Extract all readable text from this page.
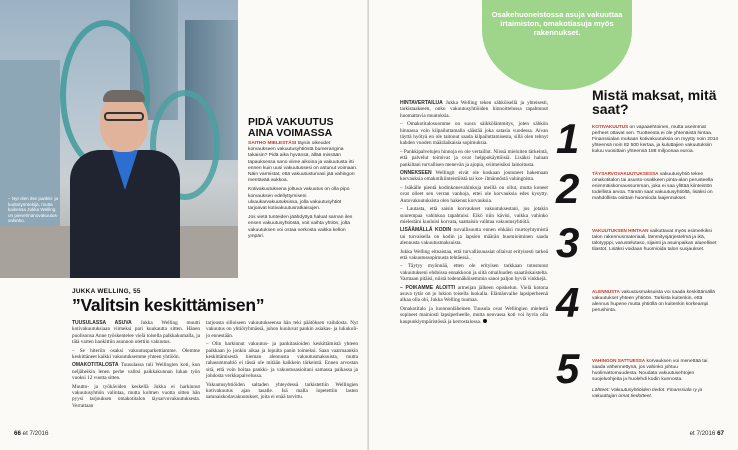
– Nyt olen itse pankki- ja luottotyöntekijä, mutta kaikessa Jukka Welling on pienetmanovakuutus- vahinko.
PIDÄ VAKUUTUS AINA VOIMASSA

SAITHO MIELESTÄSI täysin oikeudet korvaukseen vakuutusyhtiöstä bumerangina takaisin? Pidä aika hyvänsä, ällää missään tapauksessa sano viime aikoina ja vakuutusta irti ennen kuin uusi vakuutussesi on astunut voimaan. Näin varmistat, että vakuutusturvasi jää vahingon mentävää aukkoa.

Kotivakuutuksena joltuva vakuutus on olla pipo korvauksen edellyttymiseni ulvaukarvakuutuksissa, jolla vakuutusyhtiöt tarjoavat kotivakuutusratkaisujen.

Jos vietä tunteiden jäähdyttyä haluat sarnan ilen ensen vakuutusyhtiöstä, voit vaihta yhtiön, jolta vakuutuksen voi ostaa verkosta vaikka kellon ympäri.

JUKKA WELLING, 55
”Valitsin keskittämisen”

TUUSULASSA ASUVA Jukka Welling muutti kotivakuutuksiaan viimeksi pari kuukautta sitten. Hänen puolisonsa Anne työskentelee vielä toisella palkkakumalla, ja tätä varten hankittiin asunnon otettiin vakuutus.

– Se hiteriin osaksi vakuutusparkettiamme. Olemme keskittäneet kaikki vakuutuksemme yhteen yhtiöön.

OMAKOTITALOSTA Tuusulassa tuli Wellingien koti, kun neljäheikin lenen perhe valitsi paikkakunnan lukan työn vuoksi 12 vuotta sitten.

Muutto- ja työkäviden keskellä Jukka ei harkinnut vakuutusyhtiön valintaa, mutta kolmen vuotta sitten hän pyysi tarjouksen omakotitalon täysarvovakuutuksesta. Verrattaan

tarjousta silloiseen vakuutukseensa hän teki päätöksen vaihdosta. Nyt vakuutus on yhtiöryhmässä, johon kuuluvat pankin asiakas- ja lukukoli-jo ennestään.

– Olin harkinnut vakuutus- ja pankitasioiden keskittämistä yhteen paikkaan jo jonkin aikaa ja lopulta panin toimeksi. Saan vaarmaankin keskittämisestä hieman alennusta vakuutusmaksuista, mutta rahasummaltiö ei tässä ole mitään kaikkein tärkeintä. Ennen arvostan sitä, että voin hoitaa pankki- ja vakuutusasioitani samassa paikassa ja johdosta verkkopalvelussa.

Vakuutusyhtiöiden saltaden yhteydessä tarkistettiin Wellingien kotivakuutus ajan tasalle. Isä malla lopetettiin lasten satunaiskodavakuutukset, joita ei enää tarvittu.

66 et 7/2016	et 7/2016 67

HINTAVERTAILUA Jukka Welling teken sähköisellä ja yhteisesti, tarkistaakseen, onko vakuutusyhtiöiden hinnoittelussa tapahtunut huomattavia muutoksia.

– Omakotitalosuomme on suora säikkölämmitys, joten sähkön hinnassa voin kilpailuttamalla säästää joka satasia vuodessa. Aivan täyttä hyötyä en ole taitonut saada kilpailuttamisesta, sillä olen tehnyt kahden vuoden määräaikaisia sopimuksia.

– Pankkipalvelujen hinnoja en ole vertaillut. Niissä mieluiten tärkeintä, että palvelut toimivat ja ovat helppokäyttöisiä. Lisäksi haluan pankiltani turvallisen menevän ja ajopia, sviimeisiksi lainoitusta.

ONNEKSEEN Wellingit eivät ole koskaan joutuneet hakemaan korvauksia omakotikiinteistöistä tai kot- ilmännöstä vahingoista.

– Isäkälle pientä kodinkonevahinkoja meillä on ollut, mutta koneet ovat olleet sen verran vanhoja, ettei ole korvauksia edes kysytty. Autovakuutuksista olen hakenut korvauksia.

– Lautasta, että saisin korvaukset vakuutuksestani, jos jotakin suurempaa vahinkoa tapahtuisi. Eikö niin kävisi, vaikka vahinko mielestäni kuuluisi korvata, saattaisin vaihtaa vakuutusyhtiötä.

LISÄÄMÄLLÄ KODIN turvallisuutta ennen ehkäisi murtoyhtymistä tai turvaisella on kodin ja lapsien määrän huomioiminen saada alennusta vakuutusmaksuista.

Jukka Welling eitnaistaa, että turvallisuuasiat ollaivat erityisesti tarkeä että vakuutussopimusta tehtäessä.

– Täytyy myönnää, etten ole erityisen tarkkaan tutustunut vakuutukseni ehdoissa ennakkoon ja siitä omailuuden saaatiiskaistelta. Varmaan pitäisi, niistä todennäköisemmin sanoi paljon hyviä vinkkejä.

– POIKAMME ALOITTI armeijan jälkeen opiskelun. Vielä kotona asuva tytär on jo lukion toisella luokalla. Elämänvaihe lapsiperheenä alkaa olla ohi, Jukka Welling tuumaa.

Omakotitalo ja luonnonläheinen Tuusula ovat Wellingien mielestä sopineet mainiosti lapsiperheelle, mutta neuvassa koti voi hyvin olla kaupunkiympäristössä ja kerrostalossa.

Osakehuoneistossa asuja vakuuttaa irtaimiston, omakotiasuja myös rakennukset.
Mistä maksat, mitä saat?
1
2
3
4
5

KOTIVAKUUTUS on vapaaehtoinen, mutta useimmat perheet ottavat sen. Tuotteesta ei ole yhtenäistä hintaa. Finanssialan mukaan kotivakuutuksia on myytty noin 2014 yhteensä noin 82 500 kertaa, ja kuluttajien vakuutuksiin kuluu vuosittain yhteensä 188 miljoonaa euroa.

TÄYSARVOVAKUUTUKSESSA vakuutusyhtiö tekee omakotitalon tai asunto-osakkeen pinta-alan perusteella enimmäiskorvaussumman, joka ei saa ylittää kiinteistön todellista arvoa. Tämän saat vakuutusyhtiöltä, lisäksi on mahdollista osittain huomioda laajennukset.

VAKUUTUKSEN HINTAAN vaikuttavat myös esimerkiksi talon rakennusmateriaali, lämmitysjärjestelmä ja ikä, talotyyppi, varustelutaso, sijainti ja asuinpaikan alueelliset tilastot. Lisäksi voidaan huomioida talon suojaukset.

ALENNUSTA vakuutusmaksuista voi saada keskittämällä vakuutukset yhteen yhtiöön. Tarkista kuitenkin, että alennus hupene mutta yhtiöllä on kuitenkin korkeampi perushinta.

VAHINGON SATTUESSA korvauksen voi menettää tai saada vähennettynä, jos vahinko johtuu huolimattomuudesta. Noudata vakuutusehtojen suojeluohjeita ja huolehdi kodin kunnosta.

Lähteet: Vakuutusyhtiöiden tiedot. Finanssiala ry ja vakuuttajan omat tiedotteet.
